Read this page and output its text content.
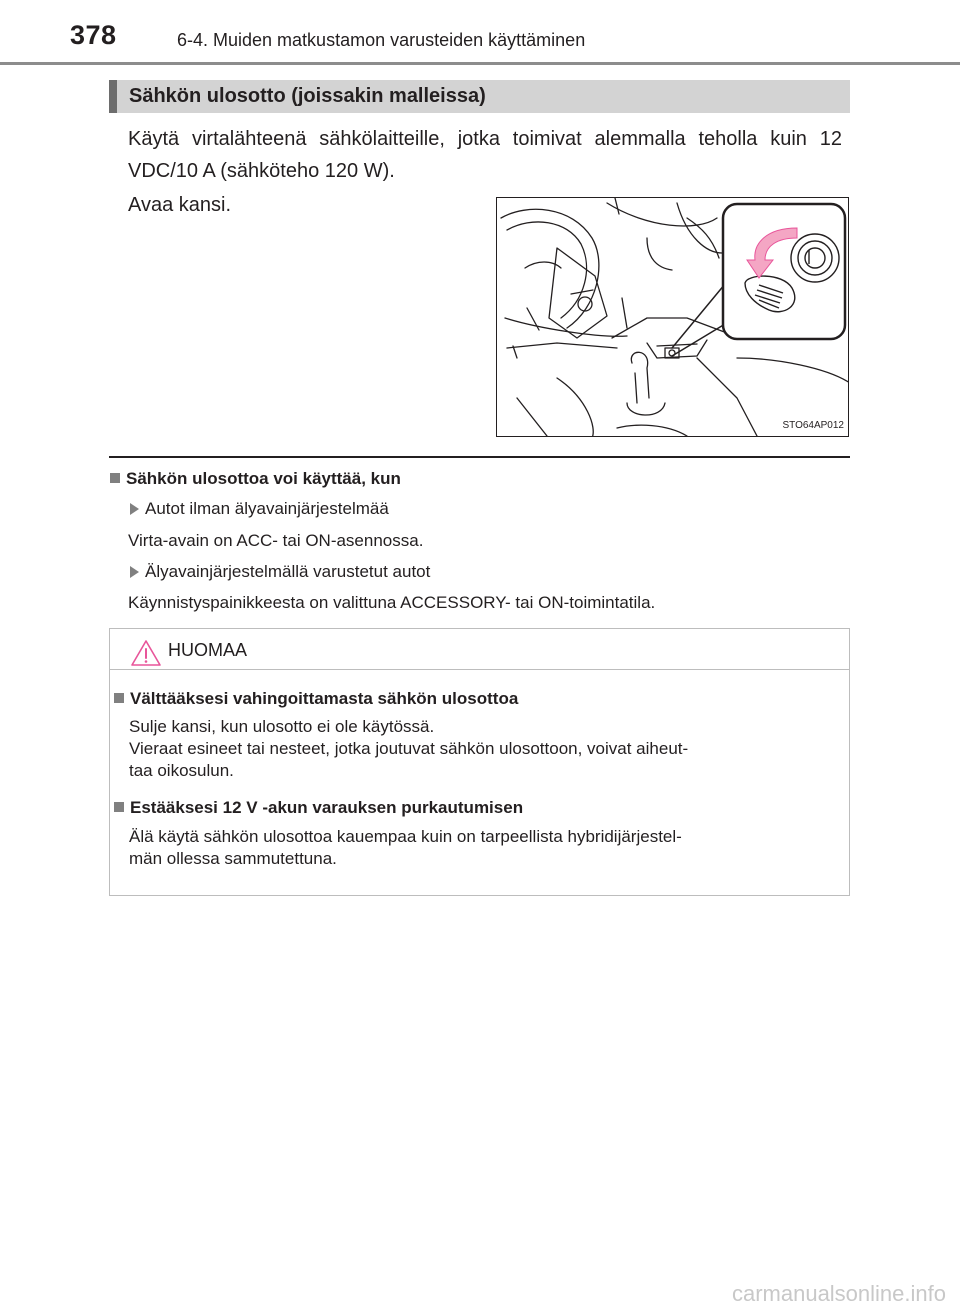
378	6-4. Muiden matkustamon varusteiden käyttäminen
Sähkön ulosotto (joissakin malleissa)
Käytä virtalähteenä sähkölaitteille, jotka toimivat alemmalla teholla kuin 12 VDC/10 A (sähköteho 120 W).
Avaa kansi.
STO64AP012
Sähkön ulosottoa voi käyttää, kun
Autot ilman älyavainjärjestelmää
Virta-avain on ACC- tai ON-asennossa.
Älyavainjärjestelmällä varustetut autot
Käynnistyspainikkeesta on valittuna ACCESSORY- tai ON-toimintatila.
HUOMAA
Välttääksesi vahingoittamasta sähkön ulosottoa
Sulje kansi, kun ulosotto ei ole käytössä.
Vieraat esineet tai nesteet, jotka joutuvat sähkön ulosottoon, voivat aiheut-
taa oikosulun.
Estääksesi 12 V -akun varauksen purkautumisen
Älä käytä sähkön ulosottoa kauempaa kuin on tarpeellista hybridijärjestel-
män ollessa sammutettuna.
carmanualsonline.info
